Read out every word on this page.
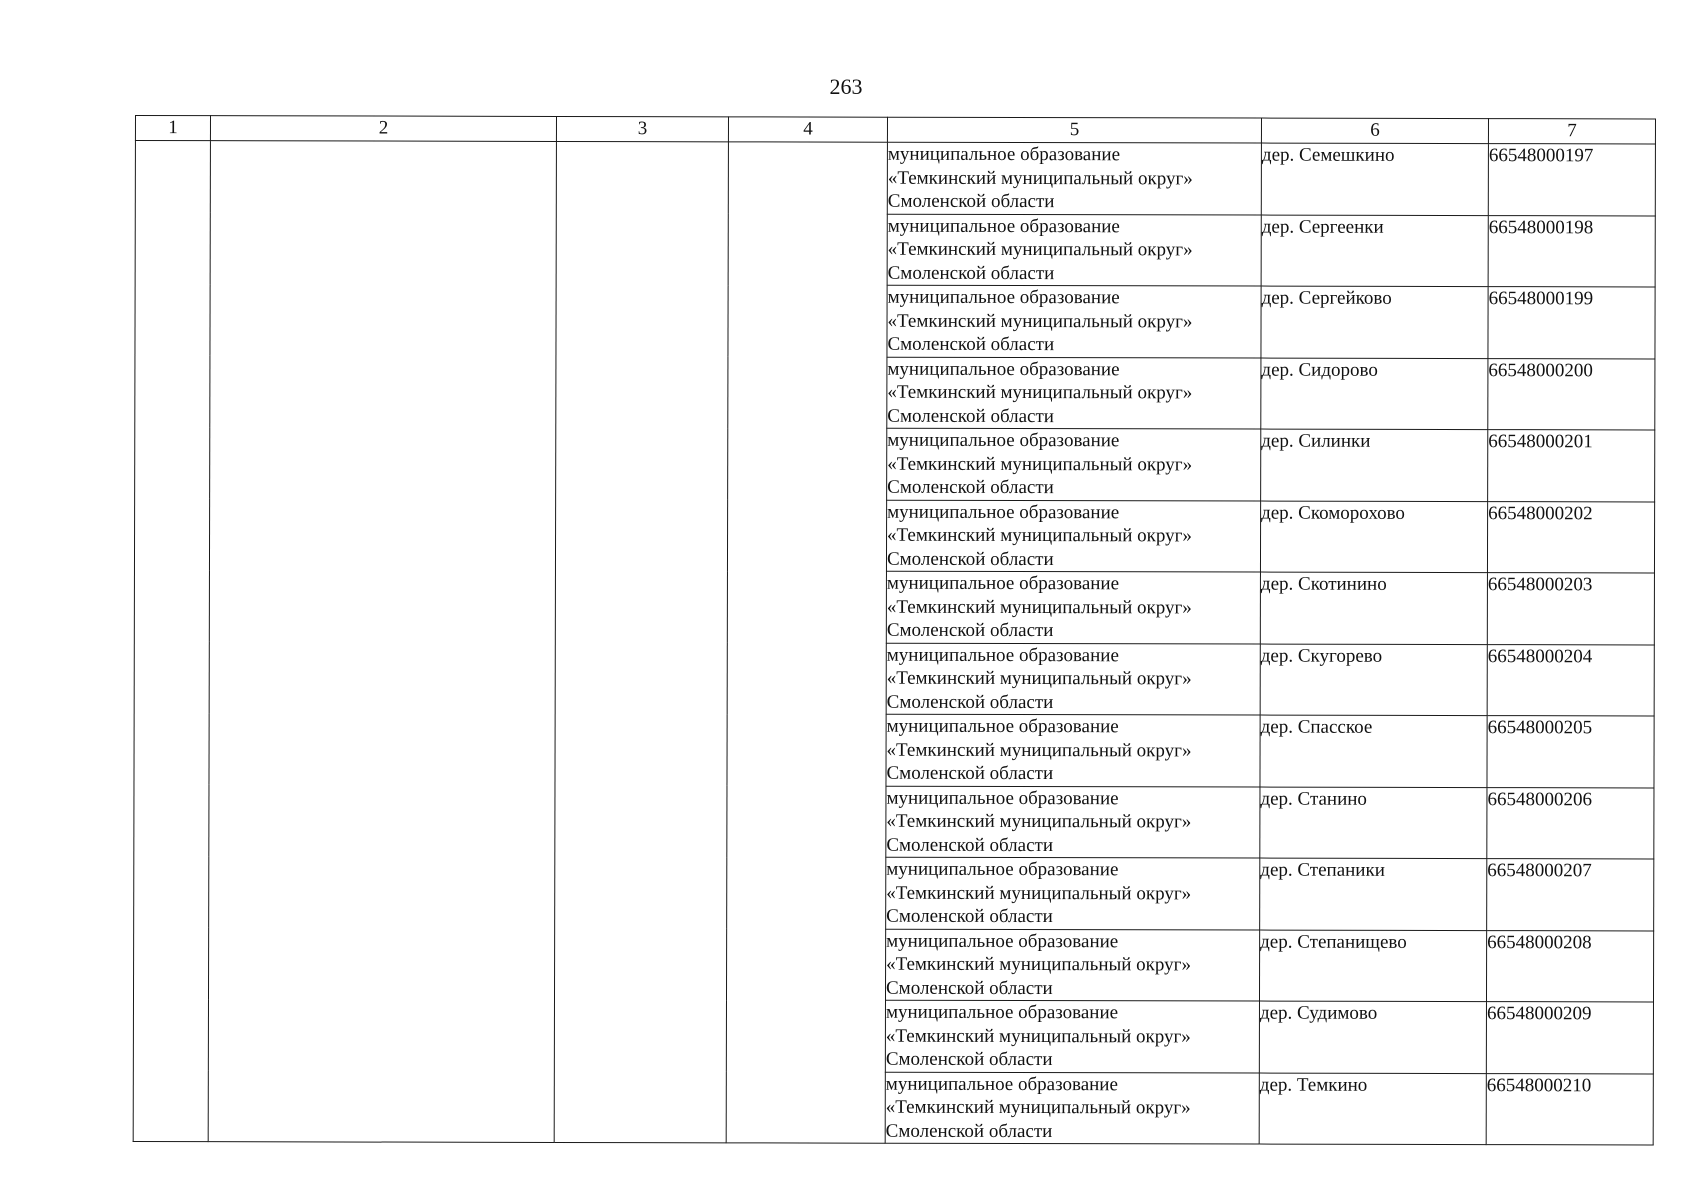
263
1	2	3	4	5	6	7

				муниципальное образование
«Темкинский муниципальный округ»
Смоленской области	дер. Семешкино	66548000197

				муниципальное образование
«Темкинский муниципальный округ»
Смоленской области	дер. Сергеенки	66548000198

				муниципальное образование
«Темкинский муниципальный округ»
Смоленской области	дер. Сергейково	66548000199

				муниципальное образование
«Темкинский муниципальный округ»
Смоленской области	дер. Сидорово	66548000200

				муниципальное образование
«Темкинский муниципальный округ»
Смоленской области	дер. Силинки	66548000201

				муниципальное образование
«Темкинский муниципальный округ»
Смоленской области	дер. Скоморохово	66548000202

				муниципальное образование
«Темкинский муниципальный округ»
Смоленской области	дер. Скотинино	66548000203

				муниципальное образование
«Темкинский муниципальный округ»
Смоленской области	дер. Скугорево	66548000204

				муниципальное образование
«Темкинский муниципальный округ»
Смоленской области	дер. Спасское	66548000205

				муниципальное образование
«Темкинский муниципальный округ»
Смоленской области	дер. Станино	66548000206

				муниципальное образование
«Темкинский муниципальный округ»
Смоленской области	дер. Степаники	66548000207

				муниципальное образование
«Темкинский муниципальный округ»
Смоленской области	дер. Степанищево	66548000208

				муниципальное образование
«Темкинский муниципальный округ»
Смоленской области	дер. Судимово	66548000209

				муниципальное образование
«Темкинский муниципальный округ»
Смоленской области	дер. Темкино	66548000210
